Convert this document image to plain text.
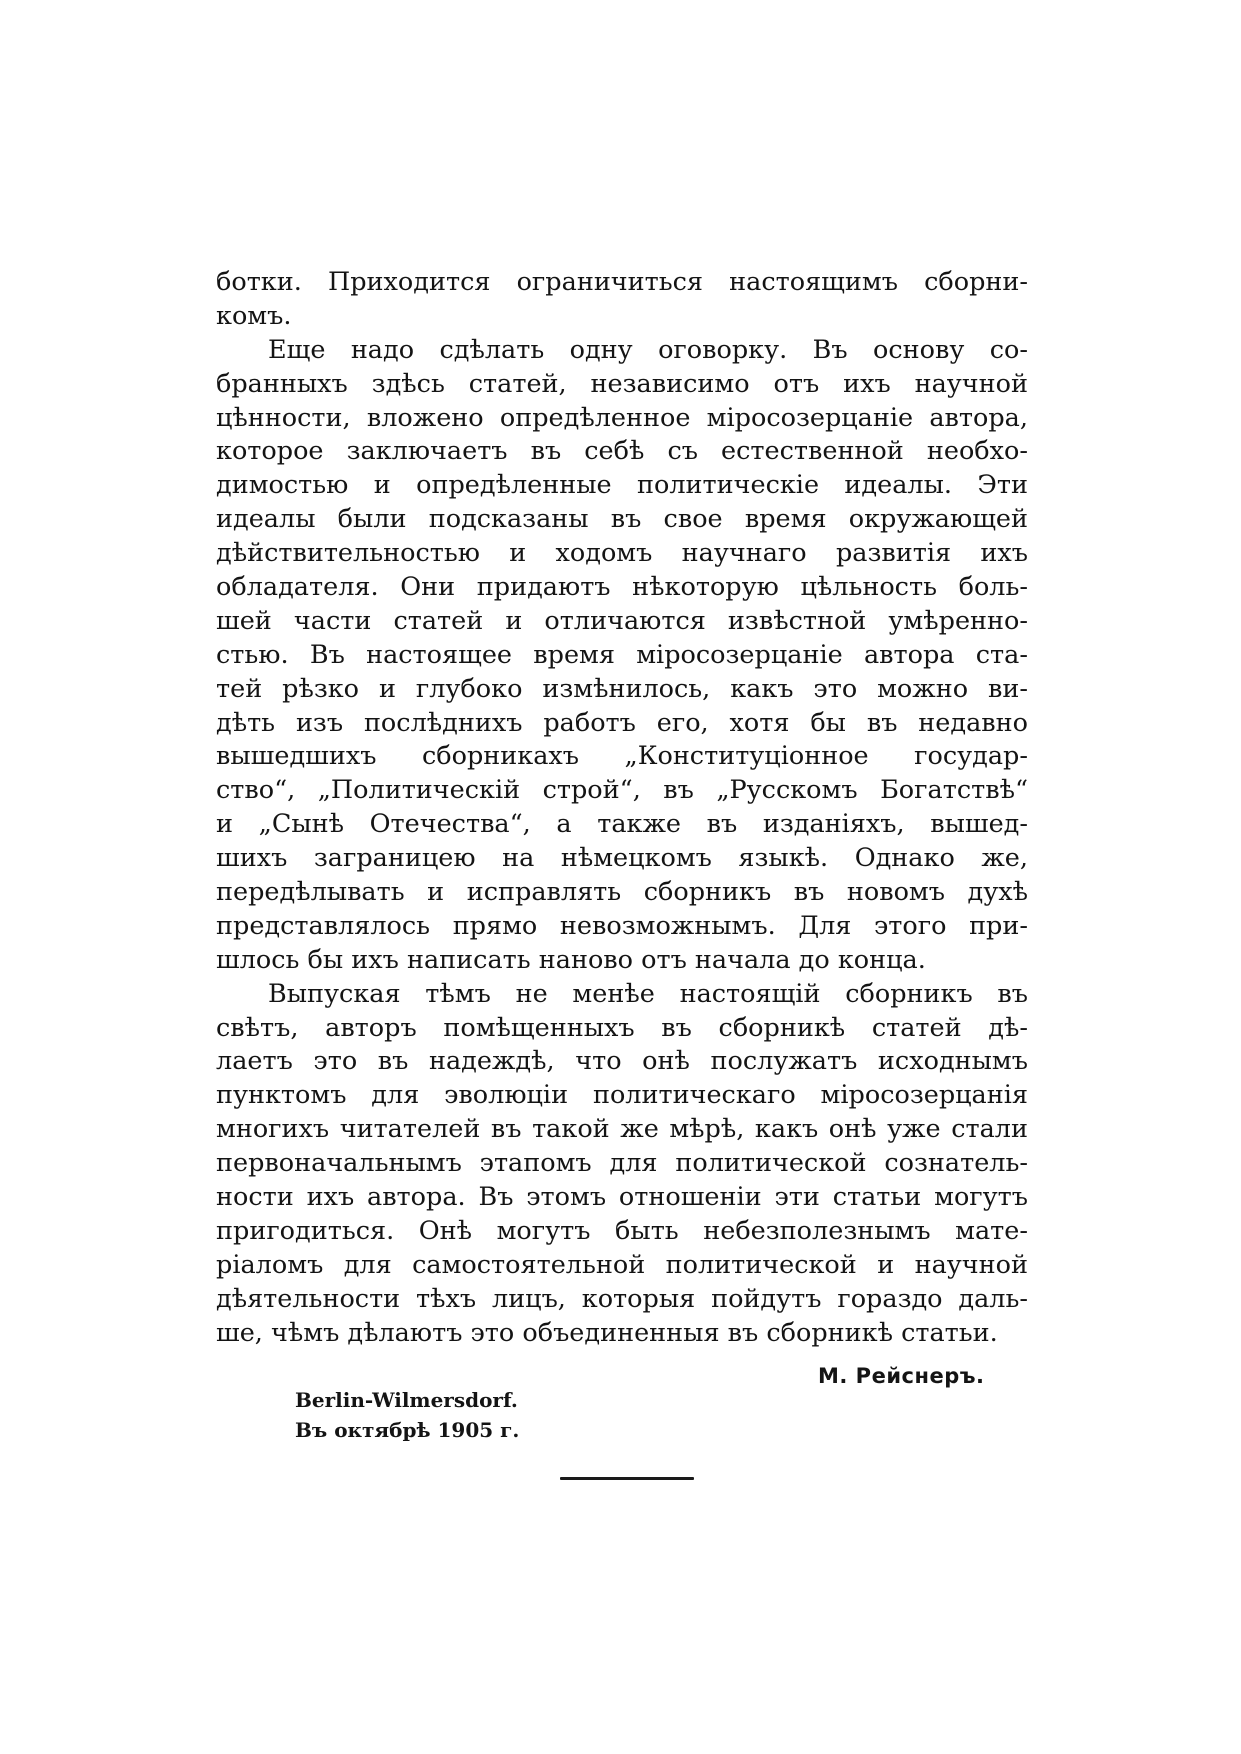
ботки. Приходится ограничиться настоящимъ сборни-
комъ.
Еще надо сдѣлать одну оговорку. Въ основу со-
бранныхъ здѣсь статей, независимо отъ ихъ научной
цѣнности, вложено опредѣленное міросозерцаніе автора,
которое заключаетъ въ себѣ съ естественной необхо-
димостью и опредѣленные политическіе идеалы. Эти
идеалы были подсказаны въ свое время окружающей
дѣйствительностью и ходомъ научнаго развитія ихъ
обладателя. Они придаютъ нѣкоторую цѣльность боль-
шей части статей и отличаются извѣстной умѣренно-
стью. Въ настоящее время міросозерцаніе автора ста-
тей рѣзко и глубоко измѣнилось, какъ это можно ви-
дѣть изъ послѣднихъ работъ его, хотя бы въ недавно
вышедшихъ сборникахъ „Конституціонное государ-
ство“, „Политическій строй“, въ „Русскомъ Богатствѣ“
и „Сынѣ Отечества“, а также въ изданіяхъ, вышед-
шихъ заграницею на нѣмецкомъ языкѣ. Однако же,
передѣлывать и исправлять сборникъ въ новомъ духѣ
представлялось прямо невозможнымъ. Для этого при-
шлось бы ихъ написать наново отъ начала до конца.
Выпуская тѣмъ не менѣе настоящій сборникъ въ
свѣтъ, авторъ помѣщенныхъ въ сборникѣ статей дѣ-
лаетъ это въ надеждѣ, что онѣ послужатъ исходнымъ
пунктомъ для эволюціи политическаго міросозерцанія
многихъ читателей въ такой же мѣрѣ, какъ онѣ уже стали
первоначальнымъ этапомъ для политической сознатель-
ности ихъ автора. Въ этомъ отношеніи эти статьи могутъ
пригодиться. Онѣ могутъ быть небезполезнымъ мате-
ріаломъ для самостоятельной политической и научной
дѣятельности тѣхъ лицъ, которыя пойдутъ гораздо даль-
ше, чѣмъ дѣлаютъ это объединенныя въ сборникѣ статьи.
М. Рейснеръ.
Berlin-Wilmersdorf.
Въ октябрѣ 1905 г.
